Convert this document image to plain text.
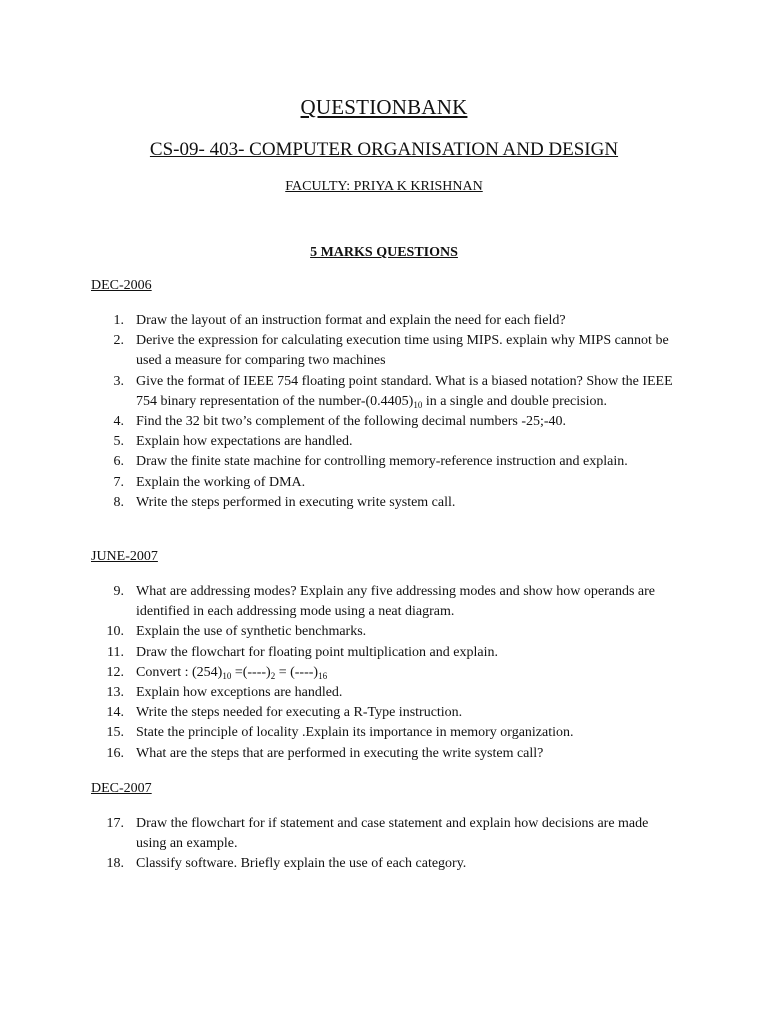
QUESTIONBANK
CS-09- 403- COMPUTER ORGANISATION AND DESIGN
FACULTY: PRIYA K KRISHNAN
5 MARKS QUESTIONS
DEC-2006
1. Draw the layout of an instruction format and explain the need for each field?
2. Derive the expression for calculating execution time using MIPS. explain why MIPS cannot be used a measure for comparing two machines
3. Give the format of IEEE 754 floating point standard. What is a biased notation? Show the IEEE 754 binary representation of the number-$(0.4405)_{10}$ in a single and double precision.
4. Find the 32 bit two’s complement of the following decimal numbers -25;-40.
5. Explain how expectations are handled.
6. Draw the finite state machine for controlling memory-reference instruction and explain.
7. Explain the working of DMA.
8. Write the steps performed in executing write system call.
JUNE-2007
9. What are addressing modes? Explain any five addressing modes and show how operands are identified in each addressing mode using a neat diagram.
10. Explain the use of synthetic benchmarks.
11. Draw the flowchart for floating point multiplication and explain.
12. Convert : $(254)_{10} =(----)_2 = (----)_{16}$
13. Explain how exceptions are handled.
14. Write the steps needed for executing a R-Type instruction.
15. State the principle of locality .Explain its importance in memory organization.
16. What are the steps that are performed in executing the write system call?
DEC-2007
17. Draw the flowchart for if statement and case statement and explain how decisions are made using an example.
18. Classify software. Briefly explain the use of each category.
